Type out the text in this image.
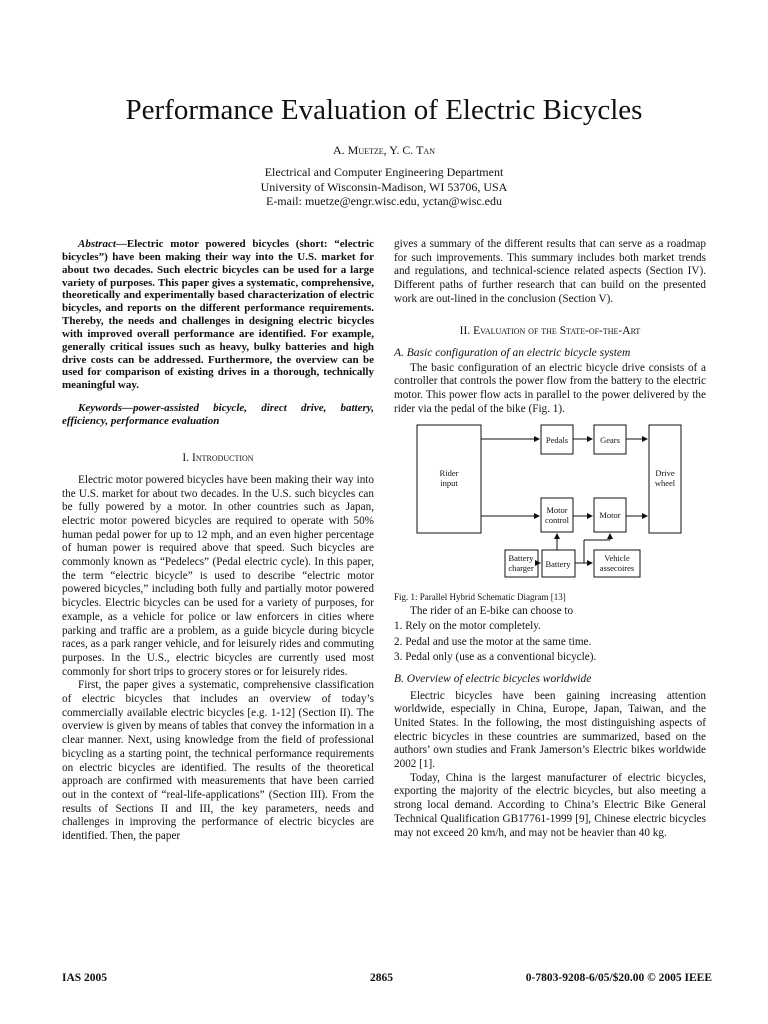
Performance Evaluation of Electric Bicycles
A. Muetze, Y. C. Tan
Electrical and Computer Engineering Department
University of Wisconsin-Madison, WI 53706, USA
E-mail: muetze@engr.wisc.edu, yctan@wisc.edu

Abstract—Electric motor powered bicycles (short: “electric bicycles”) have been making their way into the U.S. market for about two decades. Such electric bicycles can be used for a large variety of purposes. This paper gives a systematic, comprehensive, theoretically and experimentally based characterization of electric bicycles, and reports on the different performance requirements. Thereby, the needs and challenges in designing electric bicycles with improved overall performance are identified. For example, generally critical issues such as heavy, bulky batteries and high drive costs can be addressed. Furthermore, the overview can be used for comparison of existing drives in a thorough, technically meaningful way.

Keywords—power-assisted bicycle, direct drive, battery, efficiency, performance evaluation

I. Introduction

Electric motor powered bicycles have been making their way into the U.S. market for about two decades. In the U.S. such bicycles can be fully powered by a motor. In other countries such as Japan, electric motor powered bicycles are required to operate with 50% human pedal power for up to 12 mph, and an even higher percentage of human power is required above that speed. Such bicycles are commonly known as “Pedelecs” (Pedal electric cycle). In this paper, the term “electric bicycle” is used to describe “electric motor powered bicycles,” including both fully and partially motor powered bicycles. Electric bicycles can be used for a variety of purposes, for example, as a vehicle for police or law enforcers in cities where parking and traffic are a problem, as a guide bicycle during bicycle races, as a park ranger vehicle, and for leisurely rides and commuting purposes. In the U.S., electric bicycles are currently used most commonly for short trips to grocery stores or for leisurely rides.

First, the paper gives a systematic, comprehensive classification of electric bicycles that includes an overview of today’s commercially available electric bicycles [e.g. 1-12] (Section II). The overview is given by means of tables that convey the information in a clear manner. Next, using knowledge from the field of professional bicycling as a starting point, the technical performance requirements on electric bicycles are identified. The results of the theoretical approach are confirmed with measurements that have been carried out in the context of “real-life-applications” (Section III). From the results of Sections II and III, the key parameters, needs and challenges in improving the performance of electric bicycles are identified. Then, the paper

gives a summary of the different results that can serve as a roadmap for such improvements. This summary includes both market trends and regulations, and technical-science related aspects (Section IV). Different paths of further research that can build on the presented work are out-lined in the conclusion (Section V).

II. Evaluation of the State-of-the-Art

A. Basic configuration of an electric bicycle system

The basic configuration of an electric bicycle drive consists of a controller that controls the power flow from the battery to the electric motor. This power flow acts in parallel to the power delivered by the rider via the pedal of the bike (Fig. 1).

Rider input
Pedals	Gears
Drive wheel
Motor control	Motor
Battery charger Battery
Vehicle assecoires

Fig. 1: Parallel Hybrid Schematic Diagram [13]

The rider of an E-bike can choose to

1. Rely on the motor completely.

2. Pedal and use the motor at the same time.

3. Pedal only (use as a conventional bicycle).

B. Overview of electric bicycles worldwide

Electric bicycles have been gaining increasing attention worldwide, especially in China, Europe, Japan, Taiwan, and the United States. In the following, the most distinguishing aspects of electric bicycles in these countries are summarized, based on the authors’ own studies and Frank Jamerson’s Electric bikes worldwide 2002 [1].

Today, China is the largest manufacturer of electric bicycles, exporting the majority of the electric bicycles, but also meeting a strong local demand. According to China’s Electric Bike General Technical Qualification GB17761-1999 [9], Chinese electric bicycles may not exceed 20 km/h, and may not be heavier than 40 kg.

IAS 2005	2865	0-7803-9208-6/05/$20.00 © 2005 IEEE
